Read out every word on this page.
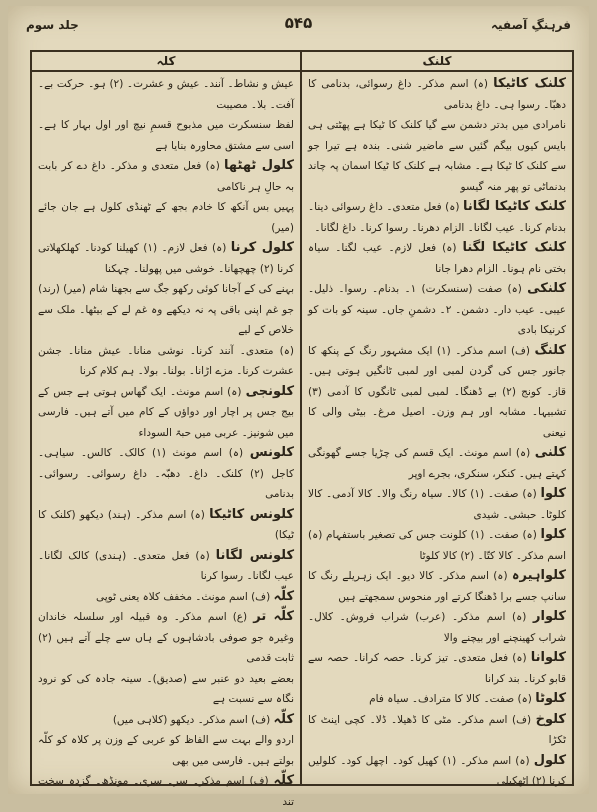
فرہنگِ آصفیہ
۵۴۵
جلد سوم
کلنک
کلہ

کلنک کاٹیکا (ہ) اسم مذکر۔ داغ رسوائی، بدنامی کا دھبّا۔ رسوا ہی۔ داغ بدنامی

نامرادی میں بدتر دشمن سے گیا کلنک کا ٹیکا ہے پھٹتی ہی بایس کیوں بیگم گئیں سے ماضیر شنی۔ بندہ ہے تیرا جو سے کلنک کا ٹیکا ہے۔ مشابہ ہے کلنک کا ٹیکا اسمان پہ چاند بدنماٹی تو پھر منہ گیسو

کلنک کاٹیکا لگانا (ہ) فعل متعدی۔ داغ رسوائی دینا۔ بدنام کرنا۔ عیب لگانا۔ الزام دھرنا۔ رسوا کرنا۔ داغ لگانا۔

کلنک کاٹیکا لگنا (ہ) فعل لازم۔ عیب لگنا۔ سیاہ بختی نام ہونا۔ الزام دھرا جانا

کلنکی (ہ) صفت (سنسکرت) ۱۔ بدنام۔ رسوا۔ ذلیل۔ عیبی۔ عیب دار۔ دشمن۔ ۲۔ دشمنِ جاں۔ سینہ کو بات کو کرنیکا بادی

کلنگ (ف) اسم مذکر۔ (۱) ایک مشہور رنگ کے پنکھ کا جانور جس کی گردن لمبی اور لمبی ٹانگیں ہوتی ہیں۔ قاز۔ کونج (۲) بے ڈھنگا۔ لمبی لمبی ٹانگوں کا آدمی (۳) تشبیہا۔ مشابہ اور ہم وزن۔ اصیل مرغ۔ بیٹی والی کا نیعنی

کلنی (ہ) اسم مونث۔ ایک قسم کی چڑیا جسے گھونگی کہتے ہیں۔ کنکر، سنکری، بجرے اوپر

کلوا (ہ) صفت۔ (۱) کالا۔ سیاہ رنگ والا۔ کالا آدمی۔ کالا کلوٹا۔ حبشی۔ شیدی

کلوا (ہ) صفت۔ (۱) کلونت جس کی تصغیر باستفہام (ہ) اسم مذکر۔ کالا کتّا۔ (۲) کالا کلوٹا

کلواہیرہ (ہ) اسم مذکر۔ کالا دیو۔ ایک زہریلے رنگ کا سانپ جسے برا ڈھنگا کرتے اور منحوس سمجھتے ہیں

کلوار (ہ) اسم مذکر۔ (عرب) شراب فروش۔ کلال۔ شراب کھینچنے اور بیچنے والا

کلوانا (ہ) فعل متعدی۔ تیز کرنا۔ حصہ کرانا۔ حصہ سے قابو کرنا۔ بند کرانا

کلوٹا (ہ) صفت۔ کالا کا مترادف۔ سیاہ فام

کلوخ (ف) اسم مذکر۔ مٹی کا ڈھیلا۔ ڈلا۔ کچی اینٹ کا ٹکڑا

کلول (ہ) اسم مذکر۔ (۱) کھیل کود۔ اچھل کود۔ کلولیں کرنا (۲) اٹھکیلی

عیش و نشاط۔ آنند۔ عیش و عشرت۔ (۲) ہو۔ حرکت بے۔ آفت۔ بلا۔ مصیبت

لفظ سنسکرت میں مذبوح قسمِ نیچ اور اول بہار کا ہے۔ اسی سے مشتق محاورہ بنایا ہے

کلول ٹھٹھا (ہ) فعل متعدی و مذکر۔ داغ دے کر بابت بہ حالِ ہر ناکامی

پہیں بس آنکھ کا خادم بجھ کے ٹھنڈی کلول ہے جان جائے (میر)

کلول کرنا (ہ) فعل لازم۔ (۱) کھیلنا کودنا۔ کھلکھلاتی کرنا (۲) چھچھانا۔ خوشی میں پھولنا۔ چہکنا

بہنے کی کے آجانا کوئی رکھو جگ سے بجھنا شام (میر) (رند)

جو غم اپنی باقی پہ نہ دیکھے وہ غم لے کے بیٹھا۔ ملک سے خلاص کے لیے

(ہ) متعدی۔ آنند کرنا۔ نوشی منانا۔ عیش منانا۔ جشن عشرت کرنا۔ مزے اڑانا۔ بولنا۔ بولا۔ ہم کلام کرنا

کلونجی (ہ) اسم مونث۔ ایک گھاس ہوتی ہے جس کے بیج جس پر اچار اور دواؤں کے کام میں آتے ہیں۔ فارسی میں شونیز۔ عربی میں حبۃ السوداء

کلونس (ہ) اسم مونث (۱) کالک۔ کالس۔ سیاہی۔ کاجل (۲) کلنک۔ داغ۔ دھبّہ۔ داغ رسوائی۔ رسوائی۔ بدنامی

کلونس کاٹیکا (ہ) اسم مذکر۔ (ہند) دیکھو (کلنک کا ٹیکا)

کلونس لگانا (ہ) فعل متعدی۔ (ہندی) کالک لگانا۔ عیب لگانا۔ رسوا کرنا

کلّہ (ف) اسم مونث۔ مخفف کلاہ یعنی ٹوپی

کلّہ تر (ع) اسم مذکر۔ وہ قبیلہ اور سلسلہ خاندان وغیرہ جو صوفی بادشاہوں کے ہاں سے چلے آتے ہیں (۲) ثابت قدمی

بعضے بعید دو عنبر سے (صدیق)۔ سینہ جادہ کی کو نرود نگاہ سے نسبت ہے

کلّہ (ف) اسم مذکر۔ دیکھو (کلاہی میں)

اردو والے بہت سے الفاظ کو عربی کے وزن پر کلاہ کو کلّہ بولتے ہیں۔ فارسی میں بھی

کلّہ (ف) اسم مذکر۔ سر۔ سری۔ مونڈھ۔ گزدہ سخت تند
